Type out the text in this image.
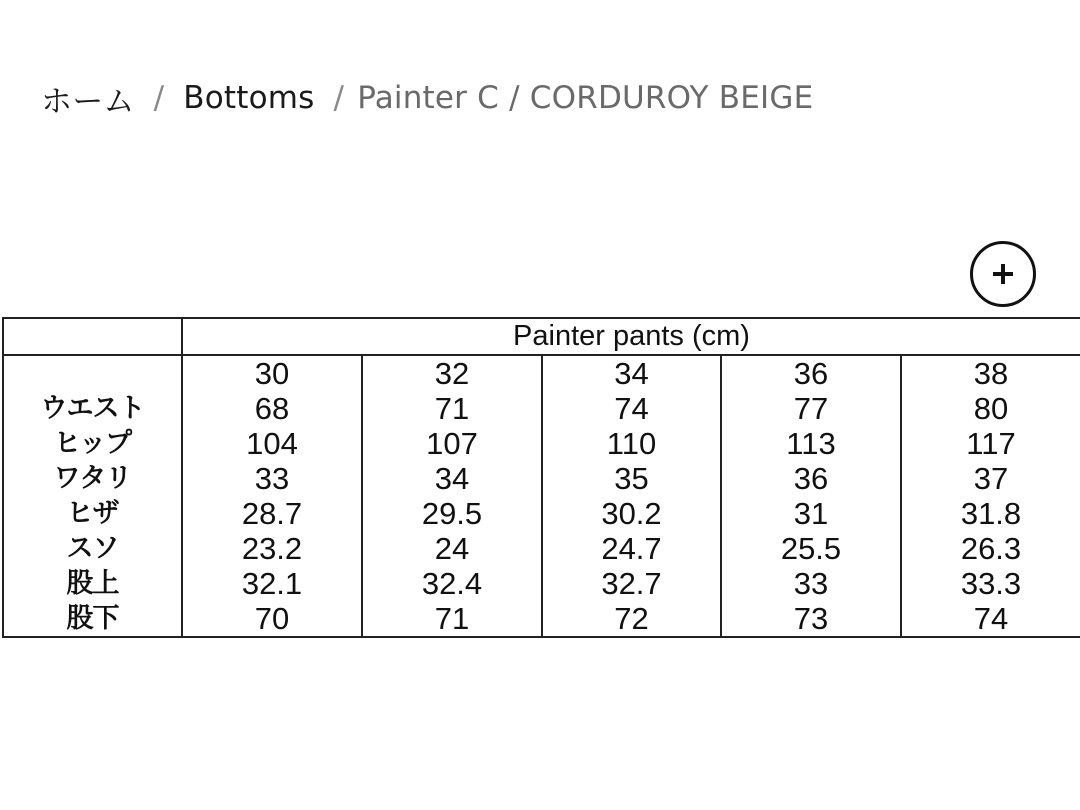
ホーム / Bottoms / Painter C / CORDUROY BEIGE
	Painter pants (cm)				
	30	32	34	36	38
ウエスト	68	71	74	77	80
ヒップ	104	107	110	113	117
ワタリ	33	34	35	36	37
ヒザ	28.7	29.5	30.2	31	31.8
スソ	23.2	24	24.7	25.5	26.3
股上	32.1	32.4	32.7	33	33.3
股下	70	71	72	73	74
